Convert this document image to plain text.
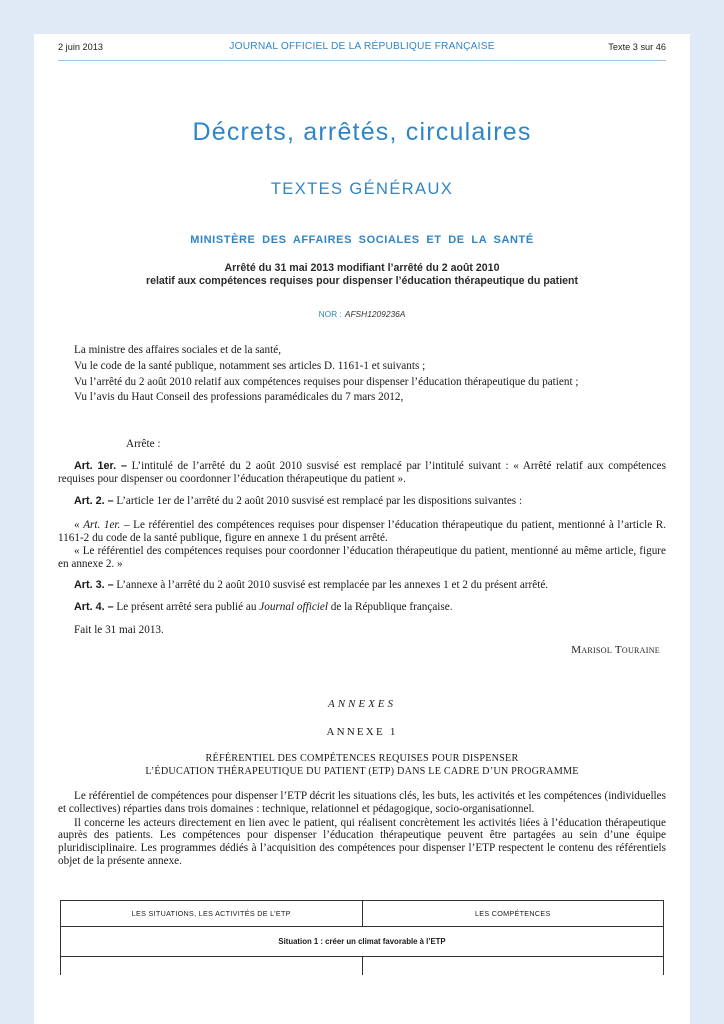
2 juin 2013	JOURNAL OFFICIEL DE LA RÉPUBLIQUE FRANÇAISE	Texte 3 sur 46
Décrets, arrêtés, circulaires
TEXTES GÉNÉRAUX
MINISTÈRE DES AFFAIRES SOCIALES ET DE LA SANTÉ
Arrêté du 31 mai 2013 modifiant l’arrêté du 2 août 2010
relatif aux compétences requises pour dispenser l’éducation thérapeutique du patient
NOR : AFSH1209236A

La ministre des affaires sociales et de la santé,

Vu le code de la santé publique, notamment ses articles D. 1161-1 et suivants ;

Vu l’arrêté du 2 août 2010 relatif aux compétences requises pour dispenser l’éducation thérapeutique du patient ;

Vu l’avis du Haut Conseil des professions paramédicales du 7 mars 2012,

Arrête :

Art. 1er. – L’intitulé de l’arrêté du 2 août 2010 susvisé est remplacé par l’intitulé suivant : « Arrêté relatif aux compétences requises pour dispenser ou coordonner l’éducation thérapeutique du patient ».

Art. 2. – L’article 1er de l’arrêté du 2 août 2010 susvisé est remplacé par les dispositions suivantes :

« Art. 1er. – Le référentiel des compétences requises pour dispenser l’éducation thérapeutique du patient, mentionné à l’article R. 1161-2 du code de la santé publique, figure en annexe 1 du présent arrêté.

« Le référentiel des compétences requises pour coordonner l’éducation thérapeutique du patient, mentionné au même article, figure en annexe 2. »

Art. 3. – L’annexe à l’arrêté du 2 août 2010 susvisé est remplacée par les annexes 1 et 2 du présent arrêté.

Art. 4. – Le présent arrêté sera publié au Journal officiel de la République française.

Fait le 31 mai 2013.

Marisol Touraine
ANNEXES
ANNEXE 1
RÉFÉRENTIEL DES COMPÉTENCES REQUISES POUR DISPENSER
L’ÉDUCATION THÉRAPEUTIQUE DU PATIENT (ETP) DANS LE CADRE D’UN PROGRAMME

Le référentiel de compétences pour dispenser l’ETP décrit les situations clés, les buts, les activités et les compétences (individuelles et collectives) réparties dans trois domaines : technique, relationnel et pédagogique, socio-organisationnel.

Il concerne les acteurs directement en lien avec le patient, qui réalisent concrètement les activités liées à l’éducation thérapeutique auprès des patients. Les compétences pour dispenser l’éducation thérapeutique peuvent être partagées au sein d’une équipe pluridisciplinaire. Les programmes dédiés à l’acquisition des compétences pour dispenser l’ETP respectent le contenu des référentiels objet de la présente annexe.

LES SITUATIONS, LES ACTIVITÉS DE L’ETP	LES COMPÉTENCES
Situation 1 : créer un climat favorable à l’ETP	
